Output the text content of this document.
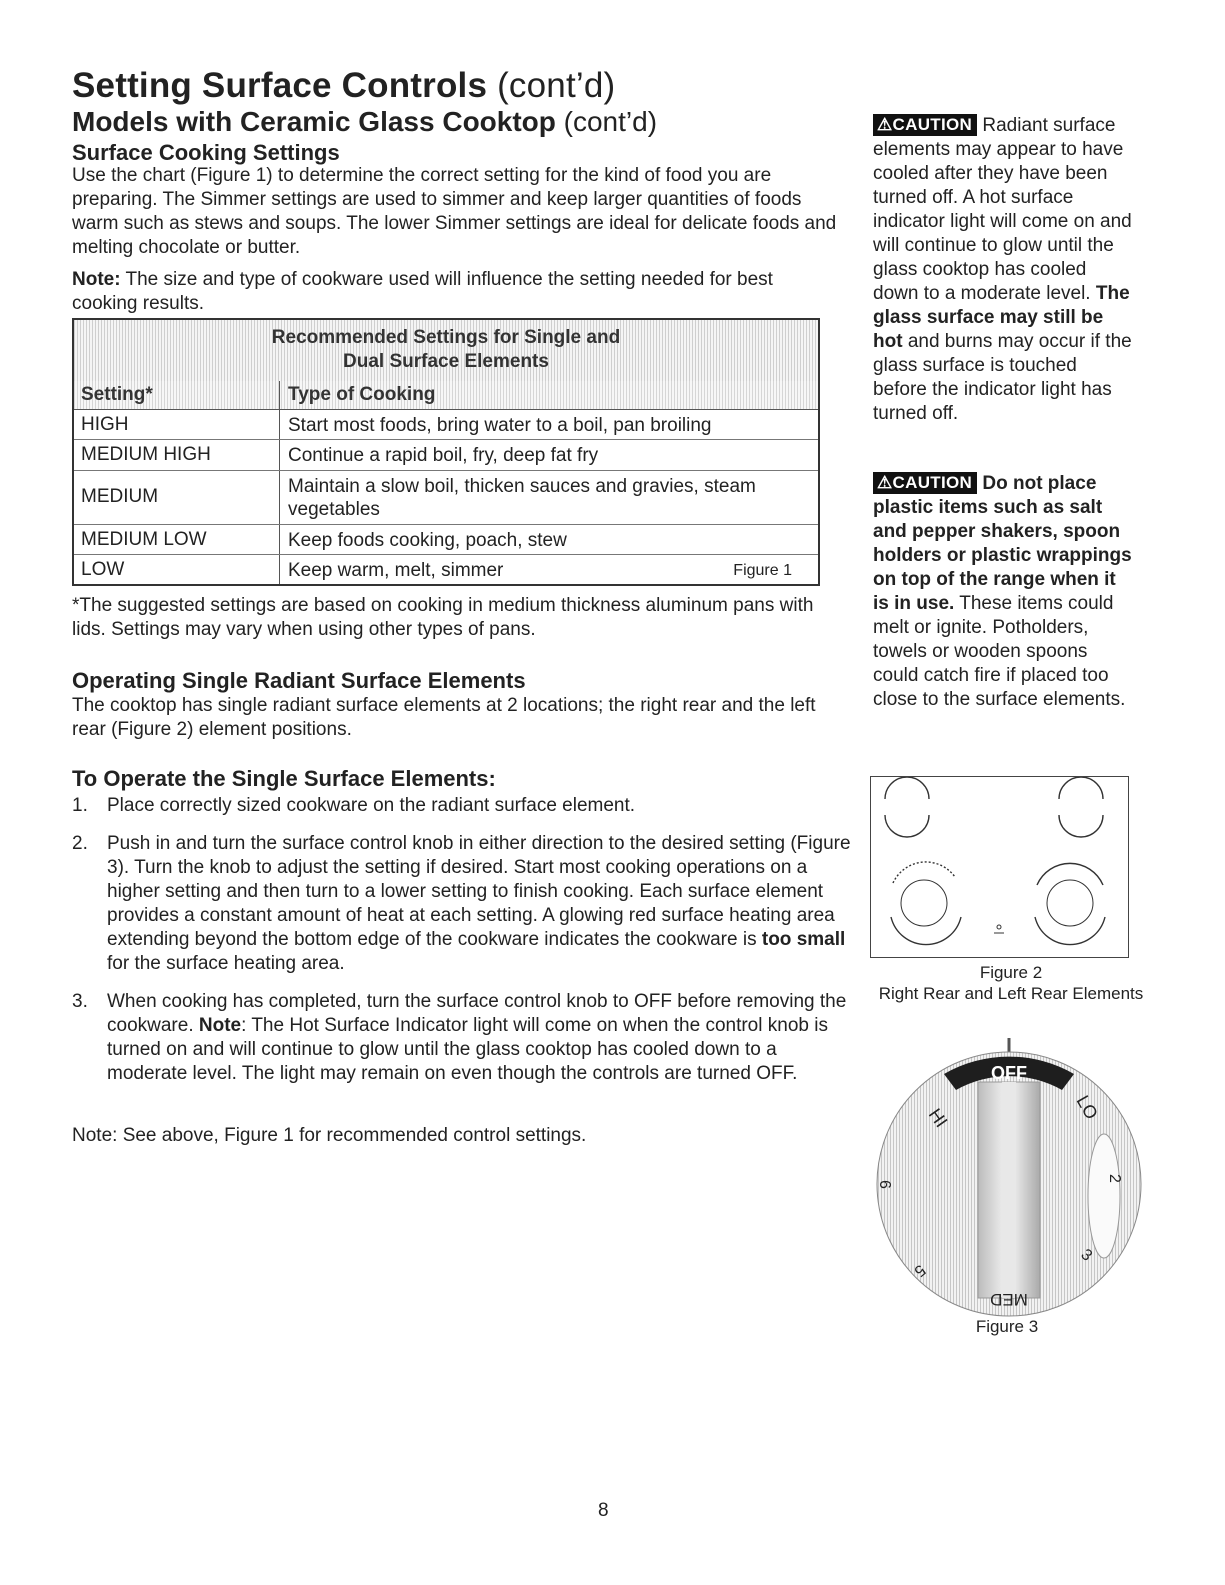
Setting Surface Controls (cont’d)
Models with Ceramic Glass Cooktop (cont’d)
Surface Cooking Settings

Use the chart (Figure 1) to determine the correct setting for the kind of food you are preparing. The Simmer settings are used to simmer and keep larger quantities of foods warm such as stews and soups. The lower Simmer settings are ideal for delicate foods and melting chocolate or butter.

Note: The size and type of cookware used will influence the setting needed for best cooking results.

Recommended Settings for Single and
Dual Surface Elements
Setting*	Type of Cooking
HIGH	Start most foods, bring water to a boil, pan broiling
MEDIUM HIGH	Continue a rapid boil, fry, deep fat fry
MEDIUM	Maintain a slow boil, thicken sauces and gravies, steam vegetables
MEDIUM LOW	Keep foods cooking, poach, stew
LOW	Keep warm, melt, simmer	Figure 1

*The suggested settings are based on cooking in medium thickness aluminum pans with lids. Settings may vary when using other types of pans.

Operating Single Radiant Surface Elements

The cooktop has single radiant surface elements at 2 locations; the right rear and the left rear (Figure 2) element positions.

To Operate the Single Surface Elements:
1. Place correctly sized cookware on the radiant surface element.
2. Push in and turn the surface control knob in either direction to the desired setting (Figure 3). Turn the knob to adjust the setting if desired. Start most cooking operations on a higher setting and then turn to a lower setting to finish cooking. Each surface element provides a constant amount of heat at each setting. A glowing red surface heating area extending beyond the bottom edge of the cookware indicates the cookware is too small for the surface heating area.
3. When cooking has completed, turn the surface control knob to OFF before removing the cookware. Note: The Hot Surface Indicator light will come on when the control knob is turned on and will continue to glow until the glass cooktop has cooled down to a moderate level. The light may remain on even though the controls are turned OFF.

Note: See above, Figure 1 for recommended control settings.

⚠CAUTION Radiant surface elements may appear to have cooled after they have been turned off. A hot surface indicator light will come on and will continue to glow until the glass cooktop has cooled down to a moderate level. The glass surface may still be hot and burns may occur if the glass surface is touched before the indicator light has turned off.
⚠CAUTION Do not place plastic items such as salt and pepper shakers, spoon holders or plastic wrappings on top of the range when it is in use. These items could melt or ignite. Potholders, towels or wooden spoons could catch fire if placed too close to the surface elements.
Figure 2
Right Rear and Left Rear Elements
OFF
HI	LO
6
2
5
3
MED
Figure 3
8
